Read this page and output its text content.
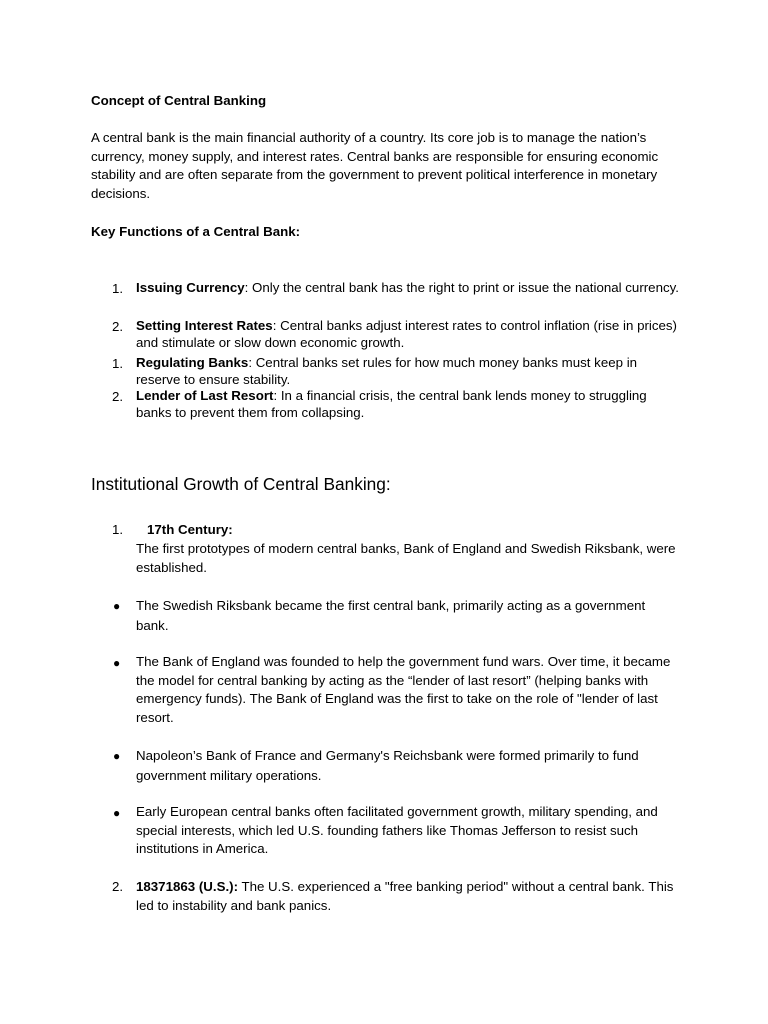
Concept of Central Banking

A central bank is the main financial authority of a country. Its core job is to manage the nation’s currency, money supply, and interest rates. Central banks are responsible for ensuring economic stability and are often separate from the government to prevent political interference in monetary decisions.

Key Functions of a Central Bank:

1. Issuing Currency: Only the central bank has the right to print or issue the national currency.
2. Setting Interest Rates: Central banks adjust interest rates to control inflation (rise in prices) and stimulate or slow down economic growth.
1. Regulating Banks: Central banks set rules for how much money banks must keep in reserve to ensure stability.
2. Lender of Last Resort: In a financial crisis, the central bank lends money to struggling banks to prevent them from collapsing.
Institutional Growth of Central Banking:
1. 17th Century:
The first prototypes of modern central banks, Bank of England and Swedish Riksbank, were established.
● The Swedish Riksbank became the first central bank, primarily acting as a government bank.
● The Bank of England was founded to help the government fund wars. Over time, it became the model for central banking by acting as the “lender of last resort” (helping banks with emergency funds). The Bank of England was the first to take on the role of "lender of last resort.
● Napoleon’s Bank of France and Germany's Reichsbank were formed primarily to fund government military operations.
● Early European central banks often facilitated government growth, military spending, and special interests, which led U.S. founding fathers like Thomas Jefferson to resist such institutions in America.
2. 18371863 (U.S.): The U.S. experienced a "free banking period" without a central bank. This led to instability and bank panics.
